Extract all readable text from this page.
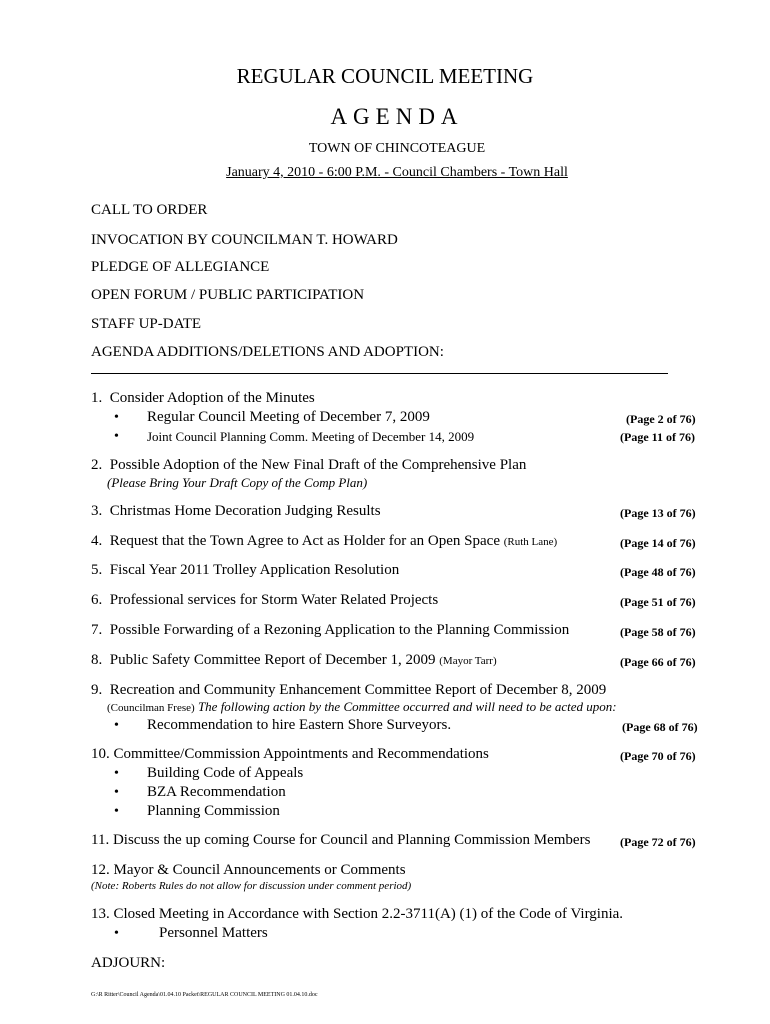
REGULAR COUNCIL MEETING
AGENDA
TOWN OF CHINCOTEAGUE
January 4, 2010 - 6:00 P.M. - Council Chambers - Town Hall
CALL TO ORDER
INVOCATION BY COUNCILMAN T. HOWARD
PLEDGE OF ALLEGIANCE
OPEN FORUM / PUBLIC PARTICIPATION
STAFF UP-DATE
AGENDA ADDITIONS/DELETIONS AND ADOPTION:
1. Consider Adoption of the Minutes
• Regular Council Meeting of December 7, 2009	(Page 2 of 76)
• Joint Council Planning Comm. Meeting of December 14, 2009	(Page 11 of 76)
2. Possible Adoption of the New Final Draft of the Comprehensive Plan
(Please Bring Your Draft Copy of the Comp Plan)
3. Christmas Home Decoration Judging Results	(Page 13 of 76)
4. Request that the Town Agree to Act as Holder for an Open Space (Ruth Lane)	(Page 14 of 76)
5. Fiscal Year 2011 Trolley Application Resolution	(Page 48 of 76)
6. Professional services for Storm Water Related Projects	(Page 51 of 76)
7. Possible Forwarding of a Rezoning Application to the Planning Commission	(Page 58 of 76)
8. Public Safety Committee Report of December 1, 2009 (Mayor Tarr)	(Page 66 of 76)
9. Recreation and Community Enhancement Committee Report of December 8, 2009
(Councilman Frese) The following action by the Committee occurred and will need to be acted upon:
• Recommendation to hire Eastern Shore Surveyors.	(Page 68 of 76)
10. Committee/Commission Appointments and Recommendations	(Page 70 of 76)
• Building Code of Appeals
• BZA Recommendation
• Planning Commission
11. Discuss the up coming Course for Council and Planning Commission Members (Page 72 of 76)
12. Mayor & Council Announcements or Comments
(Note: Roberts Rules do not allow for discussion under comment period)
13. Closed Meeting in Accordance with Section 2.2-3711(A) (1) of the Code of Virginia.
•	Personnel Matters
ADJOURN:
G:\R Ritter\Council Agenda\01.04.10 Packet\REGULAR COUNCIL MEETING 01.04.10.doc
